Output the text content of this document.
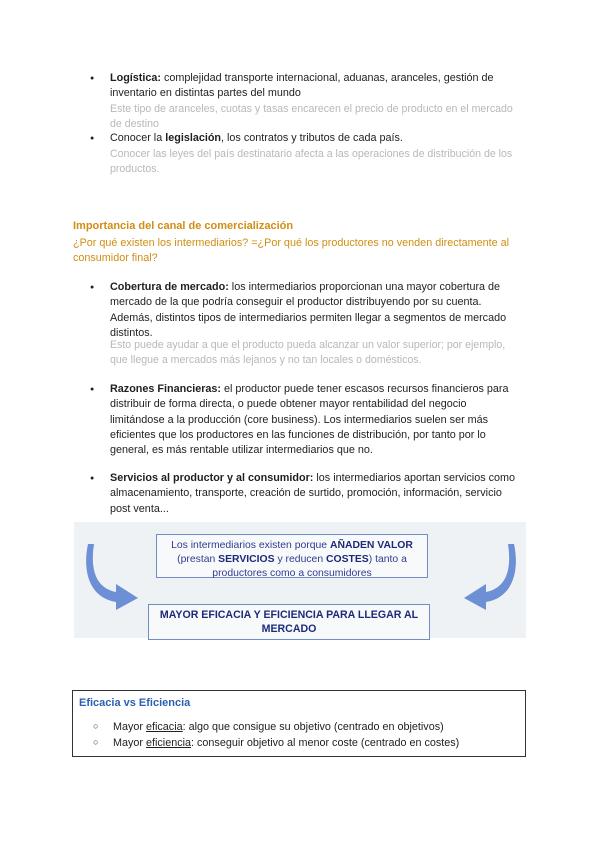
● Logística: complejidad transporte internacional, aduanas, aranceles, gestión de inventario en distintas partes del mundo
Este tipo de aranceles, cuotas y tasas encarecen el precio de producto en el mercado de destino
● Conocer la legislación, los contratos y tributos de cada país.
Conocer las leyes del país destinatario afecta a las operaciones de distribución de los productos.
Importancia del canal de comercialización
¿Por qué existen los intermediarios? =¿Por qué los productores no venden directamente al consumidor final?
● Cobertura de mercado: los intermediarios proporcionan una mayor cobertura de mercado de la que podría conseguir el productor distribuyendo por su cuenta. Además, distintos tipos de intermediarios permiten llegar a segmentos de mercado distintos.
Esto puede ayudar a que el producto pueda alcanzar un valor superior; por ejemplo, que llegue a mercados más lejanos y no tan locales o domésticos.
● Razones Financieras: el productor puede tener escasos recursos financieros para distribuir de forma directa, o puede obtener mayor rentabilidad del negocio limitándose a la producción (core business). Los intermediarios suelen ser más eficientes que los productores en las funciones de distribución, por tanto por lo general, es más rentable utilizar intermediarios que no.
● Servicios al productor y al consumidor: los intermediarios aportan servicios como almacenamiento, transporte, creación de surtido, promoción, información, servicio post venta...

Los intermediarios existen porque AÑADEN VALOR
(prestan SERVICIOS y reducen COSTES) tanto a
productores como a consumidores

MAYOR EFICACIA Y EFICIENCIA PARA LLEGAR AL
MERCADO
Eficacia vs Eficiencia
○ Mayor eficacia: algo que consigue su objetivo (centrado en objetivos)
○ Mayor eficiencia: conseguir objetivo al menor coste (centrado en costes)
